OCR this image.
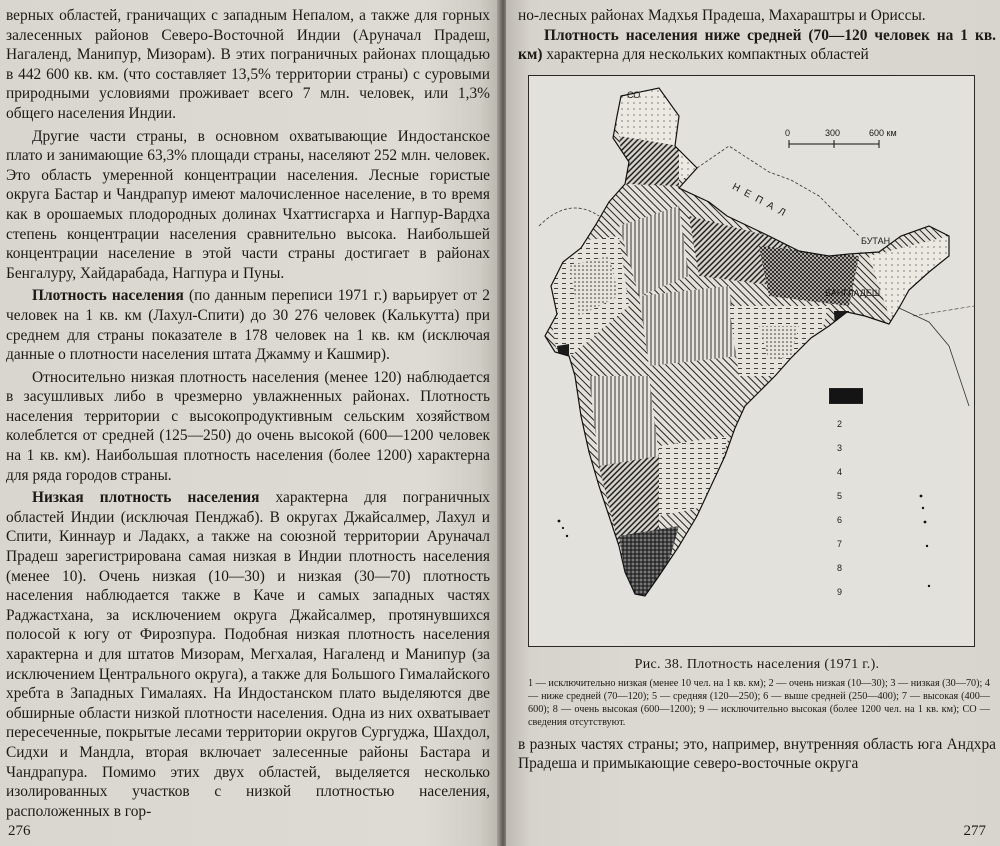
верных областей, граничащих с западным Непалом, а также для горных залесенных районов Северо-Восточной Индии (Аруначал Прадеш, Нагаленд, Манипур, Мизорам). В этих пограничных районах площадью в 442 600 кв. км. (что составляет 13,5% территории страны) с суровыми природными условиями проживает всего 7 млн. человек, или 1,3% общего населения Индии.

Другие части страны, в основном охватывающие Индостанское плато и занимающие 63,3% площади страны, населяют 252 млн. человек. Это область умеренной концентрации населения. Лесные гористые округа Бастар и Чандрапур имеют малочисленное население, в то время как в орошаемых плодородных долинах Чхаттисгарха и Нагпур-Вардха степень концентрации населения сравнительно высока. Наибольшей концентрации население в этой части страны достигает в районах Бенгалуру, Хайдарабада, Нагпура и Пуны.

Плотность населения (по данным переписи 1971 г.) варьирует от 2 человек на 1 кв. км (Лахул-Спити) до 30 276 человек (Калькутта) при среднем для страны показателе в 178 человек на 1 кв. км (исключая данные о плотности населения штата Джамму и Кашмир).

Относительно низкая плотность населения (менее 120) наблюдается в засушливых либо в чрезмерно увлажненных районах. Плотность населения территории с высокопродуктивным сельским хозяйством колеблется от средней (125—250) до очень высокой (600—1200 человек на 1 кв. км). Наибольшая плотность населения (более 1200) характерна для ряда городов страны.

Низкая плотность населения характерна для пограничных областей Индии (исключая Пенджаб). В округах Джайсалмер, Лахул и Спити, Киннаур и Ладакх, а также на союзной территории Аруначал Прадеш зарегистрирована самая низкая в Индии плотность населения (менее 10). Очень низкая (10—30) и низкая (30—70) плотность населения наблюдается также в Каче и самых западных частях Раджастхана, за исключением округа Джайсалмер, протянувшихся полосой к югу от Фирозпура. Подобная низкая плотность населения характерна и для штатов Мизорам, Мегхалая, Нагаленд и Манипур (за исключением Центрального округа), а также для Большого Гималайского хребта в Западных Гималаях. На Индостанском плато выделяются две обширные области низкой плотности населения. Одна из них охватывает пересеченные, покрытые лесами территории округов Сургуджа, Шахдол, Сидхи и Мандла, вторая включает залесенные районы Бастара и Чандрапура. Помимо этих двух областей, выделяется несколько изолированных участков с низкой плотностью населения, расположенных в гор-

276

но-лесных районах Мадхья Прадеша, Махараштры и Ориссы.

Плотность населения ниже средней (70—120 человек на 1 кв. км) характерна для нескольких компактных областей

СО
0	300	600 км
НЕПАЛ
БУТАН
БАНГЛАДЕШ
2
3
4
5
6
7
8
9
Рис. 38. Плотность населения (1971 г.).
1 — исключительно низкая (менее 10 чел. на 1 кв. км); 2 — очень низкая (10—30); 3 — низкая (30—70); 4 — ниже средней (70—120); 5 — средняя (120—250); 6 — выше средней (250—400); 7 — высокая (400—600); 8 — очень высокая (600—1200); 9 — исключительно высокая (более 1200 чел. на 1 кв. км); СО — сведения отсутствуют.

в разных частях страны; это, например, внутренняя область юга Андхра Прадеша и примыкающие северо-восточные округа

277
